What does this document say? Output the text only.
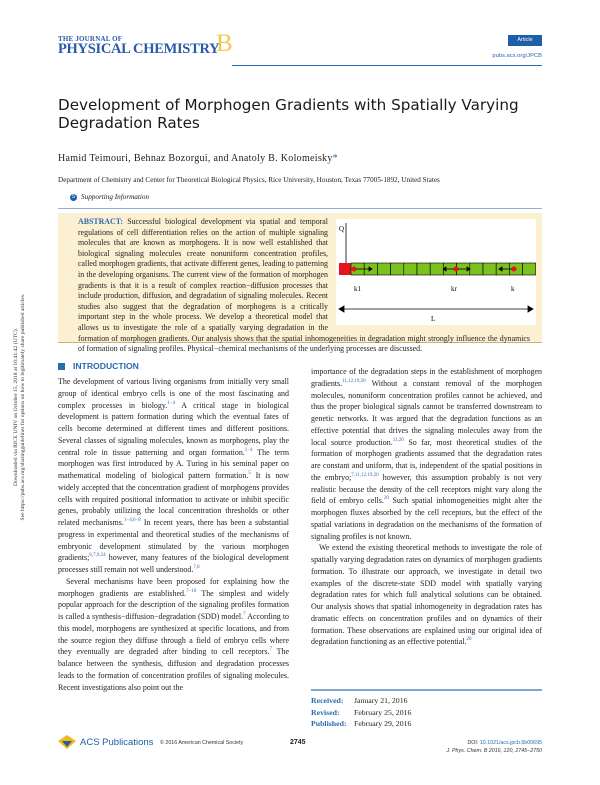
Downloaded via RICE UNIV on October 15, 2018 at 16:41:42 (UTC). See https://pubs.acs.org/sharingguidelines for options on how to legitimately share published articles.
THE JOURNAL OF
PHYSICAL CHEMISTRY
B	Article
pubs.acs.org/JPCB
Development of Morphogen Gradients with Spatially Varying Degradation Rates
Hamid Teimouri, Behnaz Bozorgui, and Anatoly B. Kolomeisky*
Department of Chemistry and Center for Theoretical Biological Physics, Rice University, Houston, Texas 77005-1892, United States
S Supporting Information
Q
k1	kr	k
L
ABSTRACT: Successful biological development via spatial and temporal regulations of cell differentiation relies on the action of multiple signaling molecules that are known as morphogens. It is now well established that biological signaling molecules create nonuniform concentration profiles, called morphogen gradients, that activate different genes, leading to patterning in the developing organisms. The current view of the formation of morphogen gradients is that it is a result of complex reaction−diffusion processes that include production, diffusion, and degradation of signaling molecules. Recent studies also suggest that the degradation of morphogens is a critically important step in the whole process. We develop a theoretical model that allows us to investigate the role of a spatially varying degradation in the formation of morphogen gradients. Our analysis shows that the spatial inhomogeneities in degradation might strongly influence the dynamics of formation of signaling profiles. Physical−chemical mechanisms of the underlying processes are discussed.
INTRODUCTION

The development of various living organisms from initially very small group of identical embryo cells is one of the most fascinating and complex processes in biology.$^{1-4}$ A critical stage in biological development is pattern formation during which the eventual fates of cells become determined at different times and different positions. Several classes of signaling molecules, known as morphogens, play the central role in tissue patterning and organ formation.$^{1-4}$ The term morphogen was first introduced by A. Turing in his seminal paper on mathematical modeling of biological pattern formation.$^5$ It is now widely accepted that the concentration gradient of morphogens provides cells with required positional information to activate or inhibit specific genes, probably utilizing the local concentration thresholds or other related mechanisms.$^{1-4,6-8}$ In recent years, there has been a substantial progress in experimental and theoretical studies of the mechanisms of embryonic development stimulated by the various morphogen gradients;$^{6,7,9,24}$ however, many features of the biological development processes still remain not well understood.$^{7,8}$

Several mechanisms have been proposed for explaining how the morphogen gradients are established.$^{7-10}$ The simplest and widely popular approach for the description of the signaling profiles formation is called a synthesis−diffusion−degradation (SDD) model.$^7$ According to this model, morphogens are synthesized at specific locations, and from the source region they diffuse through a field of embryo cells where they eventually are degraded after binding to cell receptors.$^7$ The balance between the synthesis, diffusion and degradation processes leads to the formation of concentration profiles of signaling molecules. Recent investigations also point out the

importance of the degradation steps in the establishment of morphogen gradients.$^{11,12,19,20}$ Without a constant removal of the morphogen molecules, nonuniform concentration profiles cannot be achieved, and thus the proper biological signals cannot be transferred downstream to genetic networks. It was argued that the degradation functions as an effective potential that drives the signaling molecules away from the local source production.$^{11,20}$ So far, most theoretical studies of the formation of morphogen gradients assumed that the degradation rates are constant and uniform, that is, independent of the spatial positions in the embryo;$^{7,11,12,19,20}$ however, this assumption probably is not very realistic because the density of the cell receptors might vary along the field of embryo cells.$^{20}$ Such spatial inhomogeneities might alter the morphogen fluxes absorbed by the cell receptors, but the effect of the spatial variations in degradation on the mechanisms of the formation of signaling profiles is not known.

We extend the existing theoretical methods to investigate the role of spatially varying degradation rates on dynamics of morphogen gradients formation. To illustrate our approach, we investigate in detail two examples of the discrete-state SDD model with spatially varying degradation rates for which full analytical solutions can be obtained. Our analysis shows that spatial inhomogeneity in degradation rates has dramatic effects on concentration profiles and on dynamics of their formation. These observations are explained using our original idea of degradation functioning as an effective potential.$^{20}$

Received:	January 21, 2016
Revised:	February 25, 2016
Published: February 29, 2016
ACS Publications © 2016 American Chemical Society	2745	DOI: 10.1021/acs.jpcb.6b00695
J. Phys. Chem. B 2016, 120, 2745−2750
